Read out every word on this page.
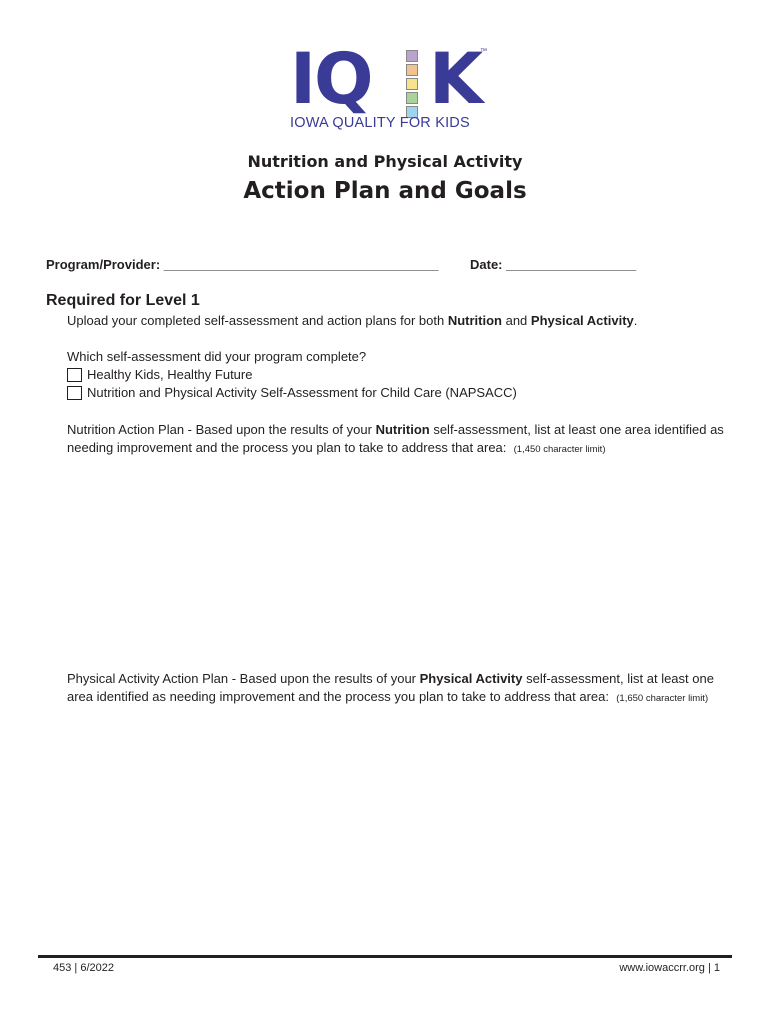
IQ K
™
IOWA QUALITY FOR KIDS
Nutrition and Physical Activity
Action Plan and Goals
Program/Provider: ______________________________________ Date: __________________
Required for Level 1
Upload your completed self-assessment and action plans for both Nutrition and Physical Activity.
Which self-assessment did your program complete?
Healthy Kids, Healthy Future
Nutrition and Physical Activity Self-Assessment for Child Care (NAPSACC)
Nutrition Action Plan - Based upon the results of your Nutrition self-assessment, list at least one area identified as
needing improvement and the process you plan to take to address that area: (1,450 character limit)
Physical Activity Action Plan - Based upon the results of your Physical Activity self-assessment, list at least one
area identified as needing improvement and the process you plan to take to address that area: (1,650 character limit)
453 | 6/2022	www.iowaccrr.org | 1
